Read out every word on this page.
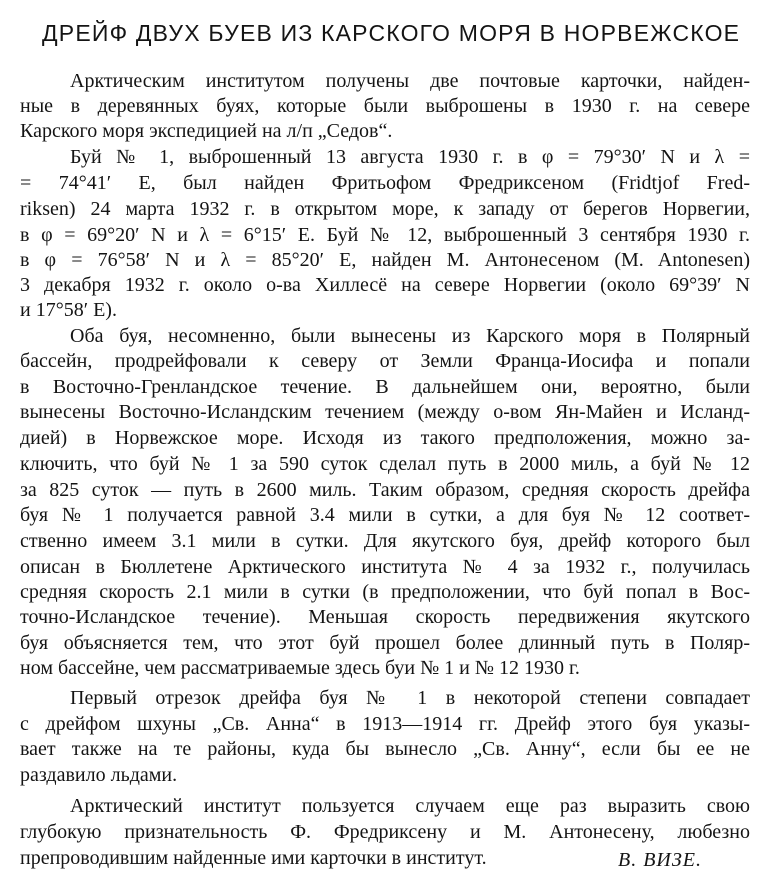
ДРЕЙФ ДВУХ БУЕВ ИЗ КАРСКОГО МОРЯ В НОРВЕЖСКОЕ
Арктическим институтом получены две почтовые карточки, найден-
ные в деревянных буях, которые были выброшены в 1930 г. на севере
Карского моря экспедицией на л/п „Седов“.
Буй № 1, выброшенный 13 августа 1930 г. в φ = 79°30′ N и λ =
= 74°41′ E, был найден Фритьофом Фредриксеном (Fridtjof Fred-
riksen) 24 марта 1932 г. в открытом море, к западу от берегов Норвегии,
в φ = 69°20′ N и λ = 6°15′ E. Буй № 12, выброшенный 3 сентября 1930 г.
в φ = 76°58′ N и λ = 85°20′ E, найден М. Антонесеном (M. Antonesen)
3 декабря 1932 г. около о-ва Хиллесё на севере Норвегии (около 69°39′ N
и 17°58′ E).
Оба буя, несомненно, были вынесены из Карского моря в Полярный
бассейн, продрейфовали к северу от Земли Франца-Иосифа и попали
в Восточно-Гренландское течение. В дальнейшем они, вероятно, были
вынесены Восточно-Исландским течением (между о-вом Ян-Майен и Исланд-
дией) в Норвежское море. Исходя из такого предположения, можно за-
ключить, что буй № 1 за 590 суток сделал путь в 2000 миль, а буй № 12
за 825 суток — путь в 2600 миль. Таким образом, средняя скорость дрейфа
буя № 1 получается равной 3.4 мили в сутки, а для буя № 12 соответ-
ственно имеем 3.1 мили в сутки. Для якутского буя, дрейф которого был
описан в Бюллетене Арктического института № 4 за 1932 г., получилась
средняя скорость 2.1 мили в сутки (в предположении, что буй попал в Вос-
точно-Исландское течение). Меньшая скорость передвижения якутского
буя объясняется тем, что этот буй прошел более длинный путь в Поляр-
ном бассейне, чем рассматриваемые здесь буи № 1 и № 12 1930 г.
Первый отрезок дрейфа буя № 1 в некоторой степени совпадает
с дрейфом шхуны „Св. Анна“ в 1913—1914 гг. Дрейф этого буя указы-
вает также на те районы, куда бы вынесло „Св. Анну“, если бы ее не
раздавило льдами.
Арктический институт пользуется случаем еще раз выразить свою
глубокую признательность Ф. Фредриксену и М. Антонесену, любезно
препроводившим найденные ими карточки в институт.	В. ВИЗЕ.
